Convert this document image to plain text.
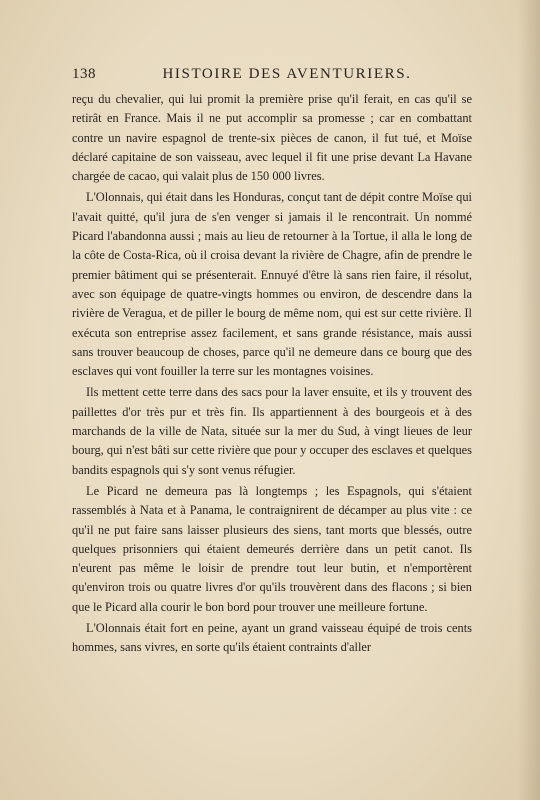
138	HISTOIRE DES AVENTURIERS.

reçu du chevalier, qui lui promit la première prise qu'il ferait, en cas qu'il se retirât en France. Mais il ne put accomplir sa promesse ; car en combattant contre un navire espagnol de trente-six pièces de canon, il fut tué, et Moïse déclaré capitaine de son vaisseau, avec lequel il fit une prise devant La Havane chargée de cacao, qui valait plus de 150 000 livres.

L'Olonnais, qui était dans les Honduras, conçut tant de dépit contre Moïse qui l'avait quitté, qu'il jura de s'en venger si jamais il le rencontrait. Un nommé Picard l'abandonna aussi ; mais au lieu de retourner à la Tortue, il alla le long de la côte de Costa-Rica, où il croisa devant la rivière de Chagre, afin de prendre le premier bâtiment qui se présenterait. Ennuyé d'être là sans rien faire, il résolut, avec son équipage de quatre-vingts hommes ou environ, de descendre dans la rivière de Veragua, et de piller le bourg de même nom, qui est sur cette rivière. Il exécuta son entreprise assez facilement, et sans grande résistance, mais aussi sans trouver beaucoup de choses, parce qu'il ne demeure dans ce bourg que des esclaves qui vont fouiller la terre sur les montagnes voisines.

Ils mettent cette terre dans des sacs pour la laver ensuite, et ils y trouvent des paillettes d'or très pur et très fin. Ils appartiennent à des bourgeois et à des marchands de la ville de Nata, située sur la mer du Sud, à vingt lieues de leur bourg, qui n'est bâti sur cette rivière que pour y occuper des esclaves et quelques bandits espagnols qui s'y sont venus réfugier.

Le Picard ne demeura pas là longtemps ; les Espagnols, qui s'étaient rassemblés à Nata et à Panama, le contraignirent de décamper au plus vite : ce qu'il ne put faire sans laisser plusieurs des siens, tant morts que blessés, outre quelques prisonniers qui étaient demeurés derrière dans un petit canot. Ils n'eurent pas même le loisir de prendre tout leur butin, et n'emportèrent qu'environ trois ou quatre livres d'or qu'ils trouvèrent dans des flacons ; si bien que le Picard alla courir le bon bord pour trouver une meilleure fortune.

L'Olonnais était fort en peine, ayant un grand vaisseau équipé de trois cents hommes, sans vivres, en sorte qu'ils étaient contraints d'aller
